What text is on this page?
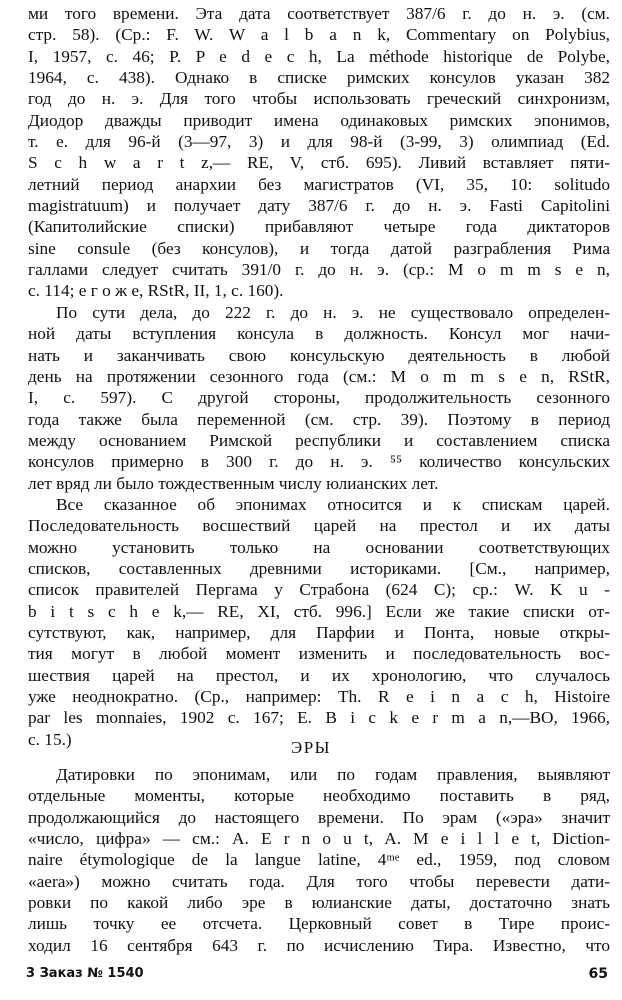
ми того времени. Эта дата соответствует 387/6 г. до н. э. (см.
стр. 58). (Ср.: F. W. W a l b a n k, Commentary on Polybius,
I, 1957, с. 46; P. P e d e c h, La méthode historique de Polybe,
1964, с. 438). Однако в списке римских консулов указан 382
год до н. э. Для того чтобы использовать греческий синхронизм,
Диодор дважды приводит имена одинаковых римских эпонимов,
т. е. для 96-й (3—97, 3) и для 98-й (3-99, 3) олимпиад (Ed.
S c h w a r t z,— RE, V, стб. 695). Ливий вставляет пяти-
летний период анархии без магистратов (VI, 35, 10: solitudo
magistratuum) и получает дату 387/6 г. до н. э. Fasti Capitolini
(Капитолийские списки) прибавляют четыре года диктаторов
sine consule (без консулов), и тогда датой разграбления Рима
галлами следует считать 391/0 г. до н. э. (ср.: M o m m s e n,
с. 114; е г о ж е, RStR, II, 1, с. 160).
По сути дела, до 222 г. до н. э. не существовало определен-
ной даты вступления консула в должность. Консул мог начи-
нать и заканчивать свою консульскую деятельность в любой
день на протяжении сезонного года (см.: M o m m s e n, RStR,
I, с. 597). С другой стороны, продолжительность сезонного
года также была переменной (см. стр. 39). Поэтому в период
между основанием Римской республики и составлением списка
консулов примерно в 300 г. до н. э. ⁵⁵ количество консульских
лет вряд ли было тождественным числу юлианских лет.
Все сказанное об эпонимах относится и к спискам царей.
Последовательность восшествий царей на престол и их даты
можно установить только на основании соответствующих
списков, составленных древними историками. [См., например,
список правителей Пергама у Страбона (624 С); ср.: W. K u -
b i t s c h e k,— RE, XI, стб. 996.] Если же такие списки от-
сутствуют, как, например, для Парфии и Понта, новые откры-
тия могут в любой момент изменить и последовательность вос-
шествия царей на престол, и их хронологию, что случалось
уже неоднократно. (Ср., например: Th. R e i n a c h, Histoire
par les monnaies, 1902 с. 167; E. B i c k e r m a n,—BO, 1966,
с. 15.)	ЭРЫ
Датировки по эпонимам, или по годам правления, выявляют
отдельные моменты, которые необходимо поставить в ряд,
продолжающийся до настоящего времени. По эрам («эра» значит
«число, цифра» — см.: A. E r n o u t, A. M e i l l e t, Diction-
naire étymologique de la langue latine, 4ᵐᵉ ed., 1959, под словом
«aera») можно считать года. Для того чтобы перевести дати-
ровки по какой либо эре в юлианские даты, достаточно знать
лишь точку ее отсчета. Церковный совет в Тире проис-
ходил 16 сентября 643 г. по исчислению Тира. Известно, что
3 Заказ № 1540	65
